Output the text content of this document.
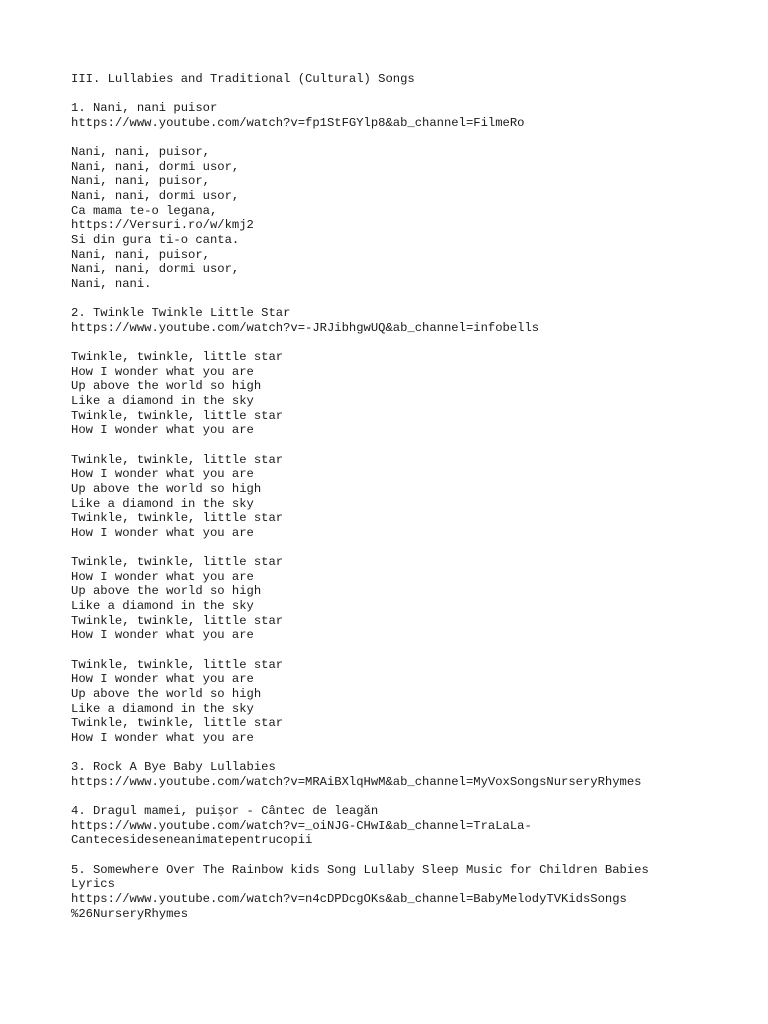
III. Lullabies and Traditional (Cultural) Songs
1. Nani, nani puisor
https://www.youtube.com/watch?v=fp1StFGYlp8&ab_channel=FilmeRo
Nani, nani, puisor,
Nani, nani, dormi usor,
Nani, nani, puisor,
Nani, nani, dormi usor,
Ca mama te-o legana,
https://Versuri.ro/w/kmj2
Si din gura ti-o canta.
Nani, nani, puisor,
Nani, nani, dormi usor,
Nani, nani.
2. Twinkle Twinkle Little Star
https://www.youtube.com/watch?v=-JRJibhgwUQ&ab_channel=infobells
Twinkle, twinkle, little star
How I wonder what you are
Up above the world so high
Like a diamond in the sky
Twinkle, twinkle, little star
How I wonder what you are
Twinkle, twinkle, little star
How I wonder what you are
Up above the world so high
Like a diamond in the sky
Twinkle, twinkle, little star
How I wonder what you are
Twinkle, twinkle, little star
How I wonder what you are
Up above the world so high
Like a diamond in the sky
Twinkle, twinkle, little star
How I wonder what you are
Twinkle, twinkle, little star
How I wonder what you are
Up above the world so high
Like a diamond in the sky
Twinkle, twinkle, little star
How I wonder what you are
3. Rock A Bye Baby Lullabies
https://www.youtube.com/watch?v=MRAiBXlqHwM&ab_channel=MyVoxSongsNurseryRhymes
4. Dragul mamei, puișor - Cântec de leagăn
https://www.youtube.com/watch?v=_oiNJG-CHwI&ab_channel=TraLaLa-
Cantecesideseneanimatepentrucopii
5. Somewhere Over The Rainbow kids Song Lullaby Sleep Music for Children Babies
Lyrics
https://www.youtube.com/watch?v=n4cDPDcgOKs&ab_channel=BabyMelodyTVKidsSongs
%26NurseryRhymes
